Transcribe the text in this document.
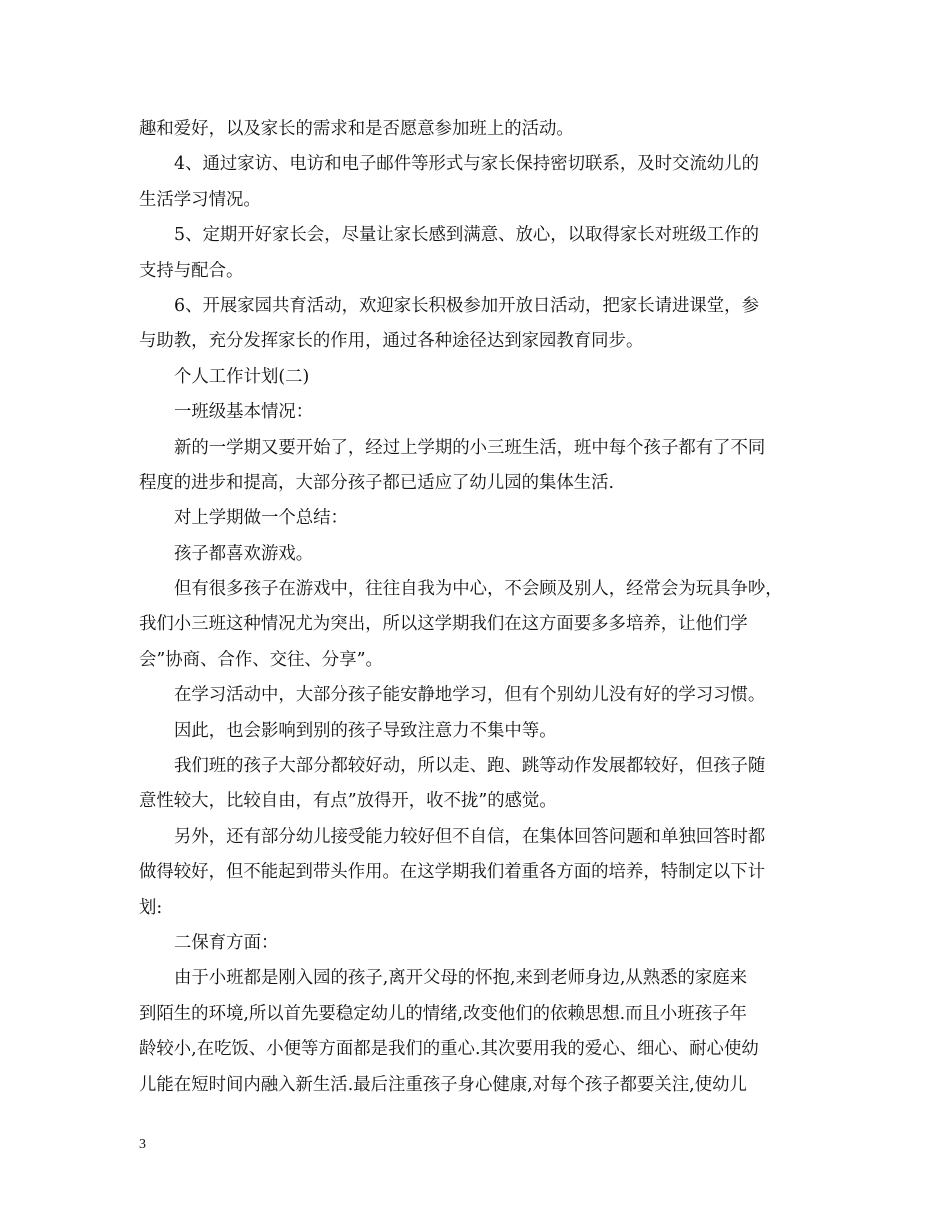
趣和爱好，以及家长的需求和是否愿意参加班上的活动。
4、通过家访、电访和电子邮件等形式与家长保持密切联系，及时交流幼儿的
生活学习情况。
5、定期开好家长会，尽量让家长感到满意、放心，以取得家长对班级工作的
支持与配合。
6、开展家园共育活动，欢迎家长积极参加开放日活动，把家长请进课堂，参
与助教，充分发挥家长的作用，通过各种途径达到家园教育同步。
个人工作计划(二)
一班级基本情况：
新的一学期又要开始了，经过上学期的小三班生活，班中每个孩子都有了不同
程度的进步和提高，大部分孩子都已适应了幼儿园的集体生活.
对上学期做一个总结：
孩子都喜欢游戏。
但有很多孩子在游戏中，往往自我为中心，不会顾及别人，经常会为玩具争吵，
我们小三班这种情况尤为突出，所以这学期我们在这方面要多多培养，让他们学
会”协商、合作、交往、分享”。
在学习活动中，大部分孩子能安静地学习，但有个别幼儿没有好的学习习惯。
因此，也会影响到别的孩子导致注意力不集中等。
我们班的孩子大部分都较好动，所以走、跑、跳等动作发展都较好，但孩子随
意性较大，比较自由，有点”放得开，收不拢”的感觉。
另外，还有部分幼儿接受能力较好但不自信，在集体回答问题和单独回答时都
做得较好，但不能起到带头作用。在这学期我们着重各方面的培养，特制定以下计
划:
二保育方面：
由于小班都是刚入园的孩子,离开父母的怀抱,来到老师身边,从熟悉的家庭来
到陌生的环境,所以首先要稳定幼儿的情绪,改变他们的依赖思想.而且小班孩子年
龄较小,在吃饭、小便等方面都是我们的重心.其次要用我的爱心、细心、耐心使幼
儿能在短时间内融入新生活.最后注重孩子身心健康,对每个孩子都要关注,使幼儿
3
